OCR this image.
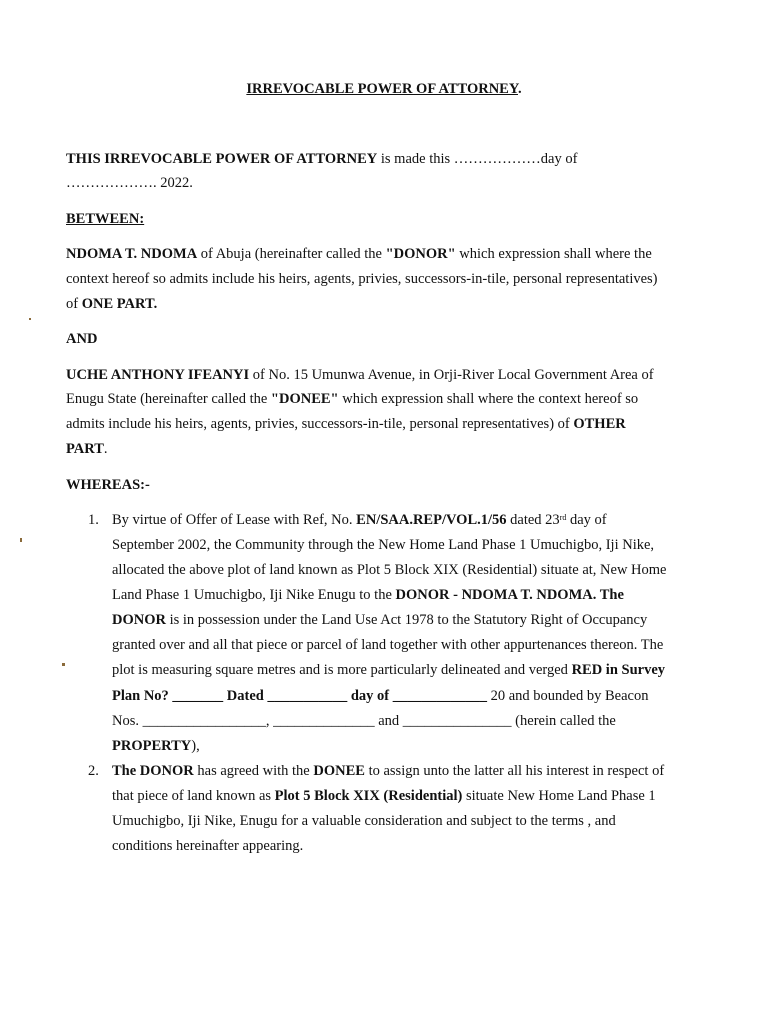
IRREVOCABLE POWER OF ATTORNEY.
THIS IRREVOCABLE POWER OF ATTORNEY is made this ………………day of
………………. 2022.
BETWEEN:
NDOMA T. NDOMA of Abuja (hereinafter called the "DONOR" which expression shall where the
context hereof so admits include his heirs, agents, privies, successors-in-tile, personal representatives)
of ONE PART.
AND
UCHE ANTHONY IFEANYI of No. 15 Umunwa Avenue, in Orji-River Local Government Area of
Enugu State (hereinafter called the "DONEE" which expression shall where the context hereof so
admits include his heirs, agents, privies, successors-in-tile, personal representatives) of OTHER
PART.
WHEREAS:-
1. By virtue of Offer of Lease with Ref, No. EN/SAA.REP/VOL.1/56 dated 23rd day of
September 2002, the Community through the New Home Land Phase 1 Umuchigbo, Iji Nike,
allocated the above plot of land known as Plot 5 Block XIX (Residential) situate at, New Home
Land Phase 1 Umuchigbo, Iji Nike Enugu to the DONOR - NDOMA T. NDOMA. The
DONOR is in possession under the Land Use Act 1978 to the Statutory Right of Occupancy
granted over and all that piece or parcel of land together with other appurtenances thereon. The
plot is measuring square metres and is more particularly delineated and verged RED in Survey
Plan No? _______ Dated ___________ day of _____________ 20 and bounded by Beacon
Nos. _________________, ______________ and _______________ (herein called the
PROPERTY),
2. The DONOR has agreed with the DONEE to assign unto the latter all his interest in respect of
that piece of land known as Plot 5 Block XIX (Residential) situate New Home Land Phase 1
Umuchigbo, Iji Nike, Enugu for a valuable consideration and subject to the terms , and
conditions hereinafter appearing.
